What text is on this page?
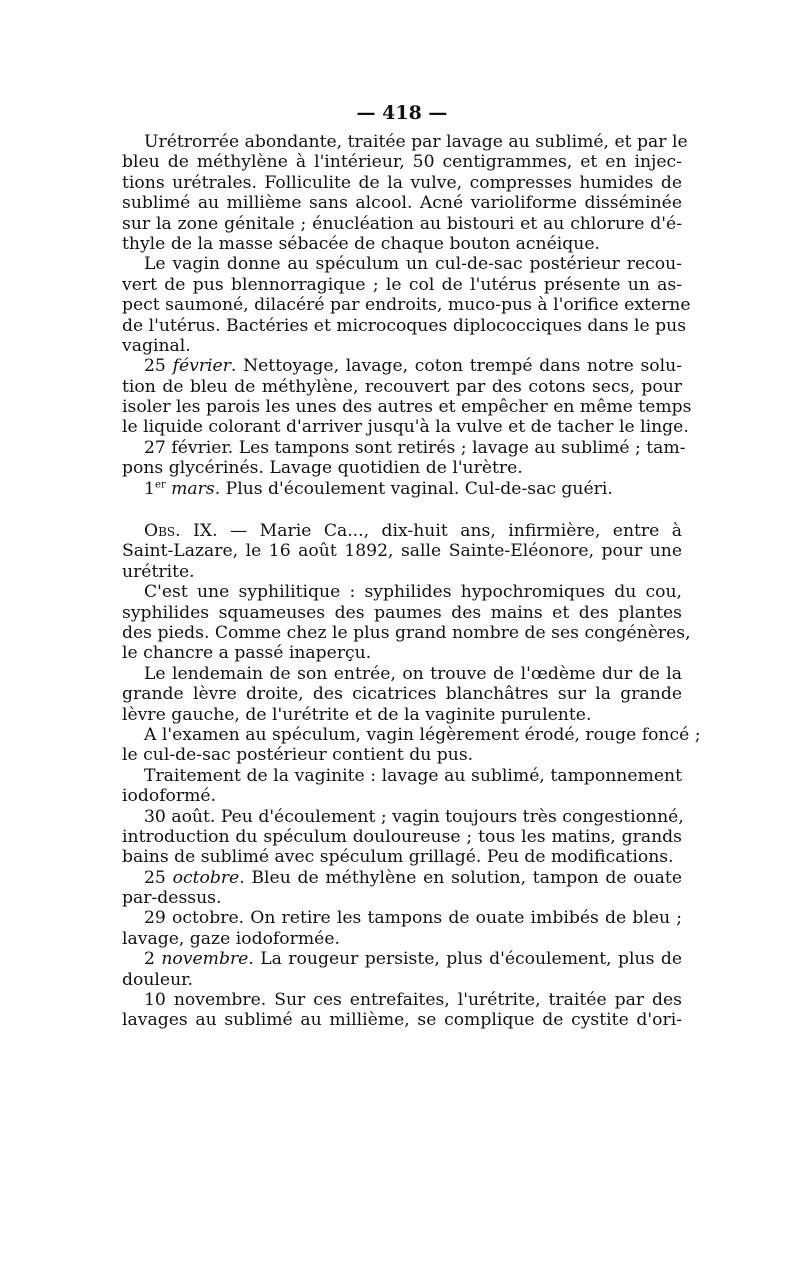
— 418 —
Urétrorrée abondante, traitée par lavage au sublimé, et par le
bleu de méthylène à l'intérieur, 50 centigrammes, et en injec-
tions urétrales. Folliculite de la vulve, compresses humides de
sublimé au millième sans alcool. Acné varioliforme disséminée
sur la zone génitale ; énucléation au bistouri et au chlorure d'é-
thyle de la masse sébacée de chaque bouton acnéique.
Le vagin donne au spéculum un cul-de-sac postérieur recou-
vert de pus blennorragique ; le col de l'utérus présente un as-
pect saumoné, dilacéré par endroits, muco-pus à l'orifice externe
de l'utérus. Bactéries et microcoques diplococciques dans le pus
vaginal.
25 février. Nettoyage, lavage, coton trempé dans notre solu-
tion de bleu de méthylène, recouvert par des cotons secs, pour
isoler les parois les unes des autres et empêcher en même temps
le liquide colorant d'arriver jusqu'à la vulve et de tacher le linge.
27 février. Les tampons sont retirés ; lavage au sublimé ; tam-
pons glycérinés. Lavage quotidien de l'urètre.
1er mars. Plus d'écoulement vaginal. Cul-de-sac guéri.
Obs. IX. — Marie Ca..., dix-huit ans, infirmière, entre à
Saint-Lazare, le 16 août 1892, salle Sainte-Eléonore, pour une
urétrite.
C'est une syphilitique : syphilides hypochromiques du cou,
syphilides squameuses des paumes des mains et des plantes
des pieds. Comme chez le plus grand nombre de ses congénères,
le chancre a passé inaperçu.
Le lendemain de son entrée, on trouve de l'œdème dur de la
grande lèvre droite, des cicatrices blanchâtres sur la grande
lèvre gauche, de l'urétrite et de la vaginite purulente.
A l'examen au spéculum, vagin légèrement érodé, rouge foncé ;
le cul-de-sac postérieur contient du pus.
Traitement de la vaginite : lavage au sublimé, tamponnement
iodoformé.
30 août. Peu d'écoulement ; vagin toujours très congestionné,
introduction du spéculum douloureuse ; tous les matins, grands
bains de sublimé avec spéculum grillagé. Peu de modifications.
25 octobre. Bleu de méthylène en solution, tampon de ouate
par-dessus.
29 octobre. On retire les tampons de ouate imbibés de bleu ;
lavage, gaze iodoformée.
2 novembre. La rougeur persiste, plus d'écoulement, plus de
douleur.
10 novembre. Sur ces entrefaites, l'urétrite, traitée par des
lavages au sublimé au millième, se complique de cystite d'ori-
